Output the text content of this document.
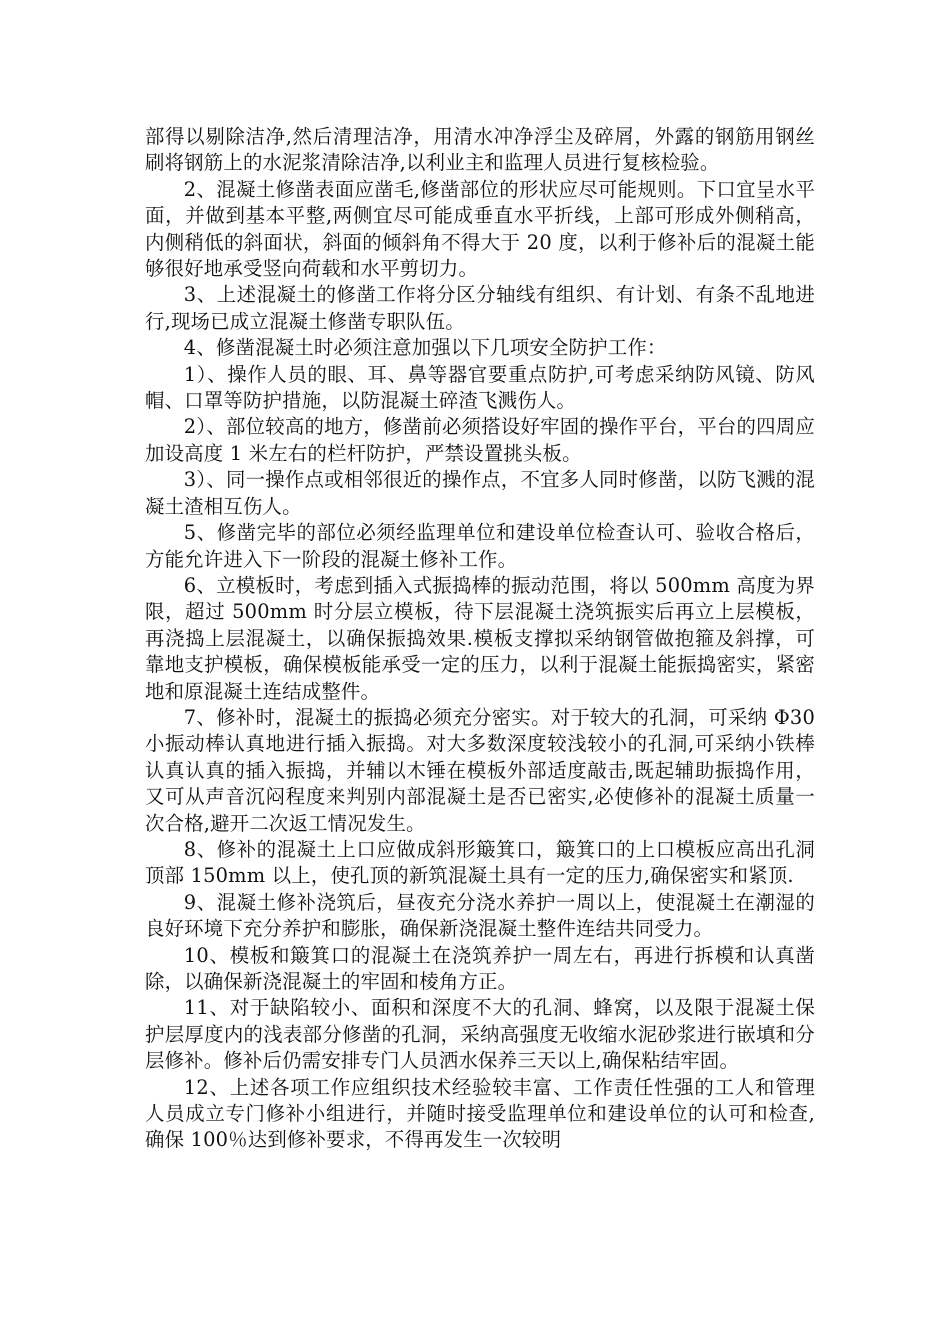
部得以剔除洁净,然后清理洁净，用清水冲净浮尘及碎屑，外露的钢筋用钢丝刷将钢筋上的水泥浆清除洁净,以利业主和监理人员进行复核检验。

2、混凝土修凿表面应凿毛,修凿部位的形状应尽可能规则。下口宜呈水平面，并做到基本平整,两侧宜尽可能成垂直水平折线，上部可形成外侧稍高，内侧稍低的斜面状，斜面的倾斜角不得大于 20 度，以利于修补后的混凝土能够很好地承受竖向荷载和水平剪切力。

3、上述混凝土的修凿工作将分区分轴线有组织、有计划、有条不乱地进行,现场已成立混凝土修凿专职队伍。

4、修凿混凝土时必须注意加强以下几项安全防护工作：

1）、操作人员的眼、耳、鼻等器官要重点防护,可考虑采纳防风镜、防风帽、口罩等防护措施，以防混凝土碎渣飞溅伤人。

2）、部位较高的地方，修凿前必须搭设好牢固的操作平台，平台的四周应加设高度 1 米左右的栏杆防护，严禁设置挑头板。

3）、同一操作点或相邻很近的操作点，不宜多人同时修凿，以防飞溅的混凝土渣相互伤人。

5、修凿完毕的部位必须经监理单位和建设单位检查认可、验收合格后，方能允许进入下一阶段的混凝土修补工作。

6、立模板时，考虑到插入式振捣棒的振动范围，将以 500mm 高度为界限，超过 500mm 时分层立模板，待下层混凝土浇筑振实后再立上层模板，再浇捣上层混凝土，以确保振捣效果.模板支撑拟采纳钢管做抱箍及斜撑，可靠地支护模板，确保模板能承受一定的压力，以利于混凝土能振捣密实，紧密地和原混凝土连结成整件。

7、修补时，混凝土的振捣必须充分密实。对于较大的孔洞，可采纳 Φ30 小振动棒认真地进行插入振捣。对大多数深度较浅较小的孔洞,可采纳小铁棒认真认真的插入振捣，并辅以木锤在模板外部适度敲击,既起辅助振捣作用，又可从声音沉闷程度来判别内部混凝土是否已密实,必使修补的混凝土质量一次合格,避开二次返工情况发生。

8、修补的混凝土上口应做成斜形簸箕口，簸箕口的上口模板应高出孔洞顶部 150mm 以上，使孔顶的新筑混凝土具有一定的压力,确保密实和紧顶.

9、混凝土修补浇筑后，昼夜充分浇水养护一周以上，使混凝土在潮湿的良好环境下充分养护和膨胀，确保新浇混凝土整件连结共同受力。

10、模板和簸箕口的混凝土在浇筑养护一周左右，再进行拆模和认真凿除，以确保新浇混凝土的牢固和棱角方正。

11、对于缺陷较小、面积和深度不大的孔洞、蜂窝，以及限于混凝土保护层厚度内的浅表部分修凿的孔洞，采纳高强度无收缩水泥砂浆进行嵌填和分层修补。修补后仍需安排专门人员洒水保养三天以上,确保粘结牢固。

12、上述各项工作应组织技术经验较丰富、工作责任性强的工人和管理人员成立专门修补小组进行，并随时接受监理单位和建设单位的认可和检查,确保 100％达到修补要求，不得再发生一次较明
